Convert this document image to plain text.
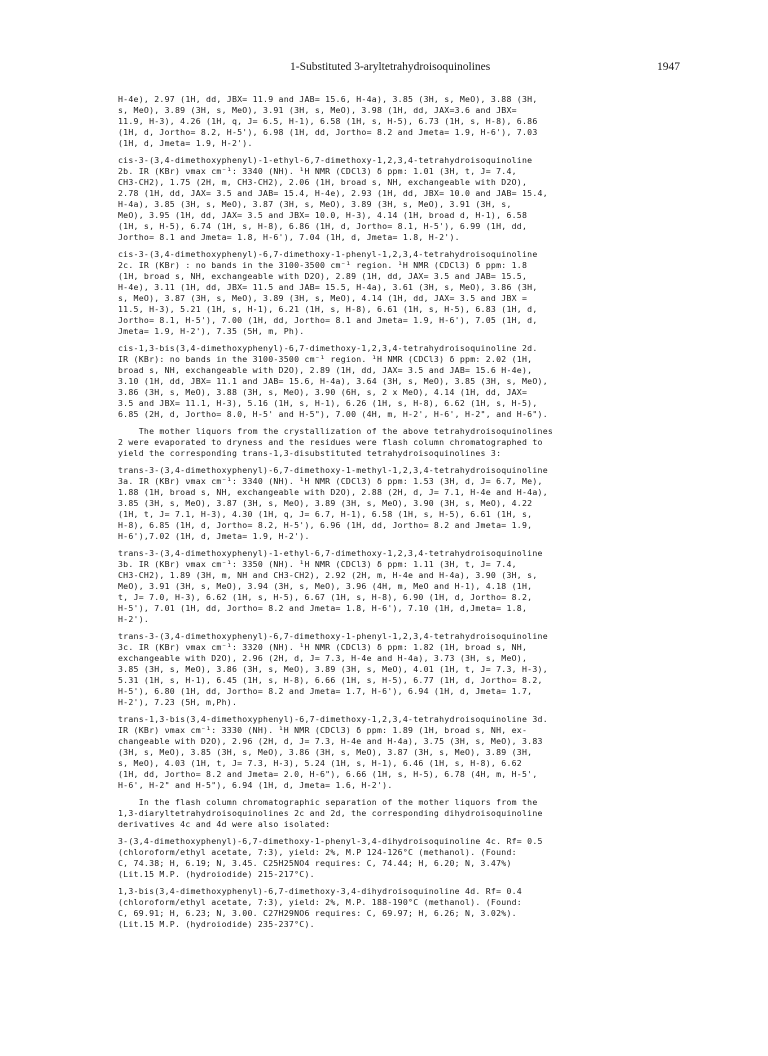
1-Substituted 3-aryltetrahydroisoquinolines	1947
H-4e), 2.97 (1H, dd, JBX= 11.9 and JAB= 15.6, H-4a), 3.85 (3H, s, MeO), 3.88 (3H,
s, MeO), 3.89 (3H, s, MeO), 3.91 (3H, s, MeO), 3.98 (1H, dd, JAX=3.6 and JBX=
11.9, H-3), 4.26 (1H, q, J= 6.5, H-1), 6.58 (1H, s, H-5), 6.73 (1H, s, H-8), 6.86
(1H, d, Jortho= 8.2, H-5'), 6.98 (1H, dd, Jortho= 8.2 and Jmeta= 1.9, H-6'), 7.03
(1H, d, Jmeta= 1.9, H-2').
cis-3-(3,4-dimethoxyphenyl)-1-ethyl-6,7-dimethoxy-1,2,3,4-tetrahydroisoquinoline
2b. IR (KBr) νmax cm⁻¹: 3340 (NH). ¹H NMR (CDCl3) δ ppm: 1.01 (3H, t, J= 7.4,
CH3-CH2), 1.75 (2H, m, CH3-CH2), 2.06 (1H, broad s, NH, exchangeable with D2O),
2.78 (1H, dd, JAX= 3.5 and JAB= 15.4, H-4e), 2.93 (1H, dd, JBX= 10.0 and JAB= 15.4,
H-4a), 3.85 (3H, s, MeO), 3.87 (3H, s, MeO), 3.89 (3H, s, MeO), 3.91 (3H, s,
MeO), 3.95 (1H, dd, JAX= 3.5 and JBX= 10.0, H-3), 4.14 (1H, broad d, H-1), 6.58
(1H, s, H-5), 6.74 (1H, s, H-8), 6.86 (1H, d, Jortho= 8.1, H-5'), 6.99 (1H, dd,
Jortho= 8.1 and Jmeta= 1.8, H-6'), 7.04 (1H, d, Jmeta= 1.8, H-2').
cis-3-(3,4-dimethoxyphenyl)-6,7-dimethoxy-1-phenyl-1,2,3,4-tetrahydroisoquinoline
2c. IR (KBr) : no bands in the 3100-3500 cm⁻¹ region. ¹H NMR (CDCl3) δ ppm: 1.8
(1H, broad s, NH, exchangeable with D2O), 2.89 (1H, dd, JAX= 3.5 and JAB= 15.5,
H-4e), 3.11 (1H, dd, JBX= 11.5 and JAB= 15.5, H-4a), 3.61 (3H, s, MeO), 3.86 (3H,
s, MeO), 3.87 (3H, s, MeO), 3.89 (3H, s, MeO), 4.14 (1H, dd, JAX= 3.5 and JBX =
11.5, H-3), 5.21 (1H, s, H-1), 6.21 (1H, s, H-8), 6.61 (1H, s, H-5), 6.83 (1H, d,
Jortho= 8.1, H-5'), 7.00 (1H, dd, Jortho= 8.1 and Jmeta= 1.9, H-6'), 7.05 (1H, d,
Jmeta= 1.9, H-2'), 7.35 (5H, m, Ph).
cis-1,3-bis(3,4-dimethoxyphenyl)-6,7-dimethoxy-1,2,3,4-tetrahydroisoquinoline 2d.
IR (KBr): no bands in the 3100-3500 cm⁻¹ region. ¹H NMR (CDCl3) δ ppm: 2.02 (1H,
broad s, NH, exchangeable with D2O), 2.89 (1H, dd, JAX= 3.5 and JAB= 15.6 H-4e),
3.10 (1H, dd, JBX= 11.1 and JAB= 15.6, H-4a), 3.64 (3H, s, MeO), 3.85 (3H, s, MeO),
3.86 (3H, s, MeO), 3.88 (3H, s, MeO), 3.90 (6H, s, 2 x MeO), 4.14 (1H, dd, JAX=
3.5 and JBX= 11.1, H-3), 5.16 (1H, s, H-1), 6.26 (1H, s, H-8), 6.62 (1H, s, H-5),
6.85 (2H, d, Jortho= 8.0, H-5' and H-5"), 7.00 (4H, m, H-2', H-6', H-2", and H-6").
The mother liquors from the crystallization of the above tetrahydroisoquinolines
2 were evaporated to dryness and the residues were flash column chromatographed to
yield the corresponding trans-1,3-disubstituted tetrahydroisoquinolines 3:
trans-3-(3,4-dimethoxyphenyl)-6,7-dimethoxy-1-methyl-1,2,3,4-tetrahydroisoquinoline
3a. IR (KBr) νmax cm⁻¹: 3340 (NH). ¹H NMR (CDCl3) δ ppm: 1.53 (3H, d, J= 6.7, Me),
1.88 (1H, broad s, NH, exchangeable with D2O), 2.88 (2H, d, J= 7.1, H-4e and H-4a),
3.85 (3H, s, MeO), 3.87 (3H, s, MeO), 3.89 (3H, s, MeO), 3.90 (3H, s, MeO), 4.22
(1H, t, J= 7.1, H-3), 4.30 (1H, q, J= 6.7, H-1), 6.58 (1H, s, H-5), 6.61 (1H, s,
H-8), 6.85 (1H, d, Jortho= 8.2, H-5'), 6.96 (1H, dd, Jortho= 8.2 and Jmeta= 1.9,
H-6'),7.02 (1H, d, Jmeta= 1.9, H-2').
trans-3-(3,4-dimethoxyphenyl)-1-ethyl-6,7-dimethoxy-1,2,3,4-tetrahydroisoquinoline
3b. IR (KBr) νmax cm⁻¹: 3350 (NH). ¹H NMR (CDCl3) δ ppm: 1.11 (3H, t, J= 7.4,
CH3-CH2), 1.89 (3H, m, NH and CH3-CH2), 2.92 (2H, m, H-4e and H-4a), 3.90 (3H, s,
MeO), 3.91 (3H, s, MeO), 3.94 (3H, s, MeO), 3.96 (4H, m, MeO and H-1), 4.18 (1H,
t, J= 7.0, H-3), 6.62 (1H, s, H-5), 6.67 (1H, s, H-8), 6.90 (1H, d, Jortho= 8.2,
H-5'), 7.01 (1H, dd, Jortho= 8.2 and Jmeta= 1.8, H-6'), 7.10 (1H, d,Jmeta= 1.8,
H-2').
trans-3-(3,4-dimethoxyphenyl)-6,7-dimethoxy-1-phenyl-1,2,3,4-tetrahydroisoquinoline
3c. IR (KBr) νmax cm⁻¹: 3320 (NH). ¹H NMR (CDCl3) δ ppm: 1.82 (1H, broad s, NH,
exchangeable with D2O), 2.96 (2H, d, J= 7.3, H-4e and H-4a), 3.73 (3H, s, MeO),
3.85 (3H, s, MeO), 3.86 (3H, s, MeO), 3.89 (3H, s, MeO), 4.01 (1H, t, J= 7.3, H-3),
5.31 (1H, s, H-1), 6.45 (1H, s, H-8), 6.66 (1H, s, H-5), 6.77 (1H, d, Jortho= 8.2,
H-5'), 6.80 (1H, dd, Jortho= 8.2 and Jmeta= 1.7, H-6'), 6.94 (1H, d, Jmeta= 1.7,
H-2'), 7.23 (5H, m,Ph).
trans-1,3-bis(3,4-dimethoxyphenyl)-6,7-dimethoxy-1,2,3,4-tetrahydroisoquinoline 3d.
IR (KBr) νmax cm⁻¹: 3330 (NH). ¹H NMR (CDCl3) δ ppm: 1.89 (1H, broad s, NH, ex-
changeable with D2O), 2.96 (2H, d, J= 7.3, H-4e and H-4a), 3.75 (3H, s, MeO), 3.83
(3H, s, MeO), 3.85 (3H, s, MeO), 3.86 (3H, s, MeO), 3.87 (3H, s, MeO), 3.89 (3H,
s, MeO), 4.03 (1H, t, J= 7.3, H-3), 5.24 (1H, s, H-1), 6.46 (1H, s, H-8), 6.62
(1H, dd, Jortho= 8.2 and Jmeta= 2.0, H-6"), 6.66 (1H, s, H-5), 6.78 (4H, m, H-5',
H-6', H-2" and H-5"), 6.94 (1H, d, Jmeta= 1.6, H-2').
In the flash column chromatographic separation of the mother liquors from the
1,3-diaryltetrahydroisoquinolines 2c and 2d, the corresponding dihydroisoquinoline
derivatives 4c and 4d were also isolated:
3-(3,4-dimethoxyphenyl)-6,7-dimethoxy-1-phenyl-3,4-dihydroisoquinoline 4c. Rf= 0.5
(chloroform/ethyl acetate, 7:3), yield: 2%, M.P 124-126°C (methanol). (Found:
C, 74.38; H, 6.19; N, 3.45. C25H25NO4 requires: C, 74.44; H, 6.20; N, 3.47%)
(Lit.15 M.P. (hydroiodide) 215-217°C).
1,3-bis(3,4-dimethoxyphenyl)-6,7-dimethoxy-3,4-dihydroisoquinoline 4d. Rf= 0.4
(chloroform/ethyl acetate, 7:3), yield: 2%, M.P. 188-190°C (methanol). (Found:
C, 69.91; H, 6.23; N, 3.00. C27H29NO6 requires: C, 69.97; H, 6.26; N, 3.02%).
(Lit.15 M.P. (hydroiodide) 235-237°C).
